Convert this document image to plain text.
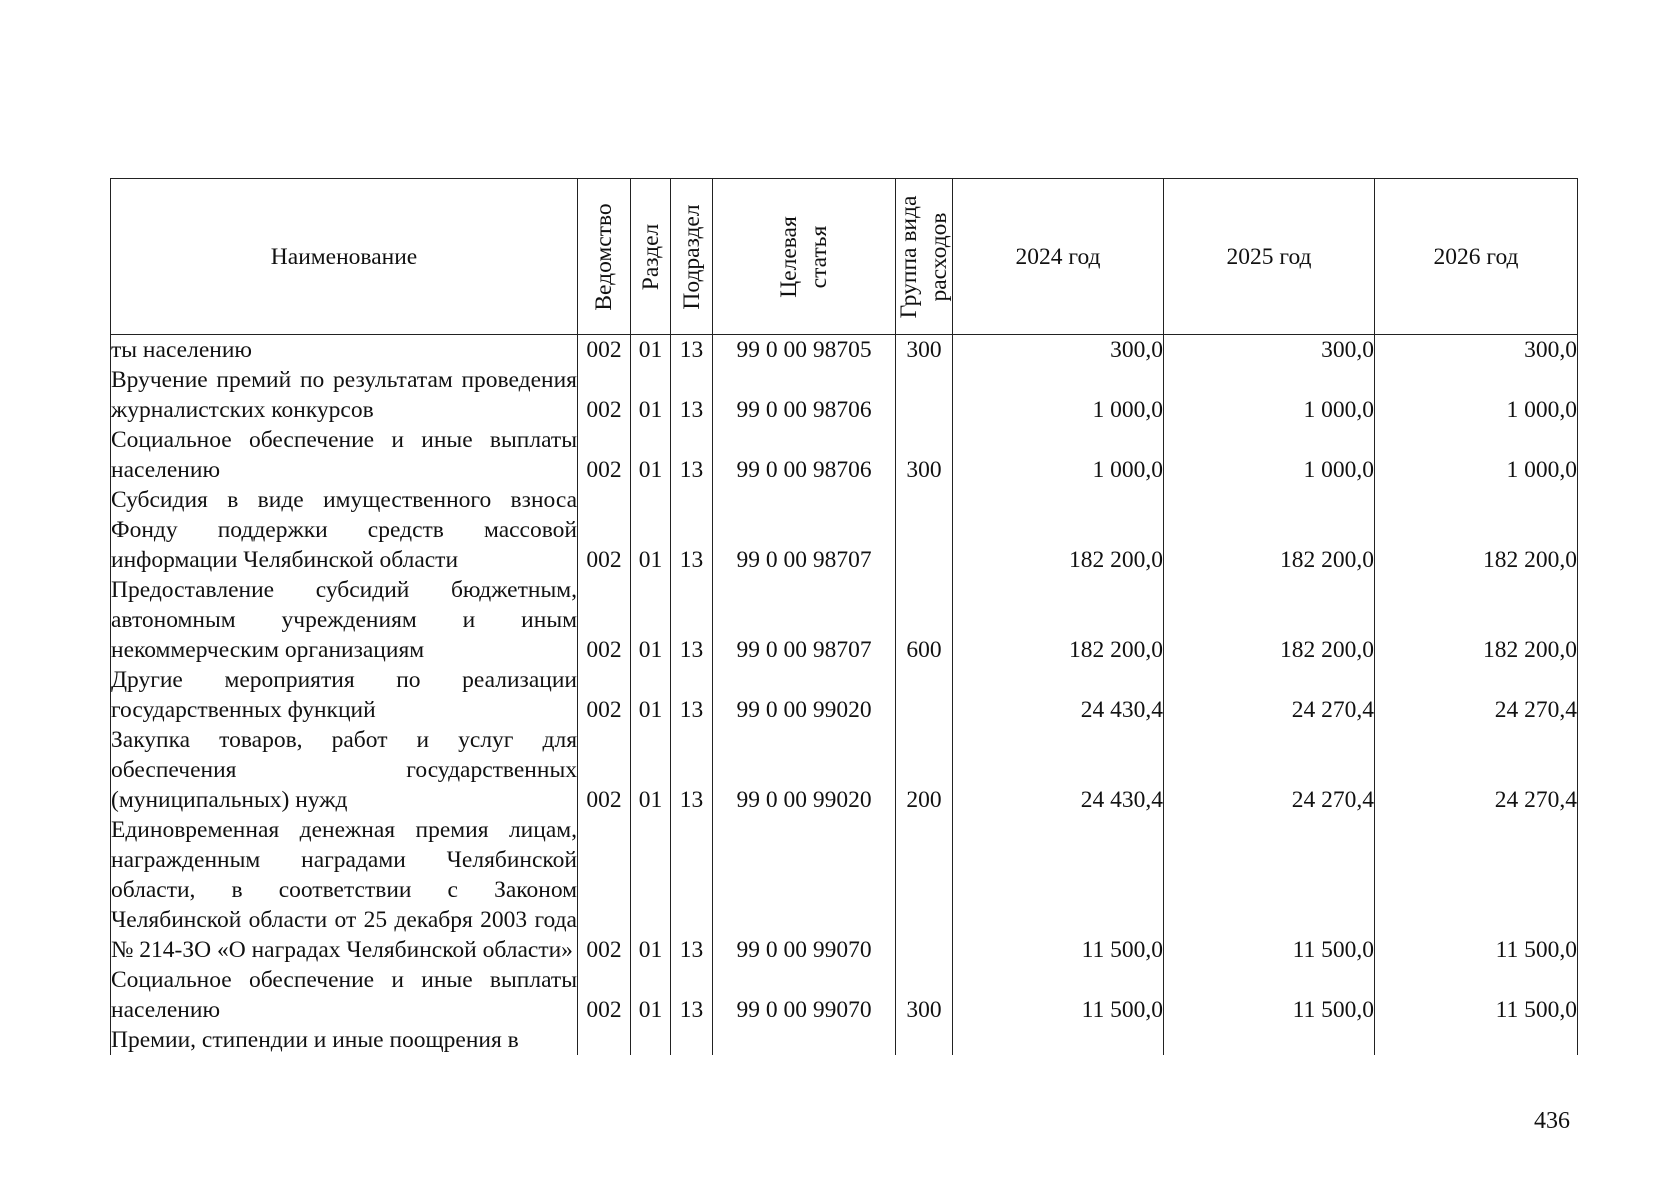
Наименование	Ведомство	Раздел	Подраздел	Целевая статья	Группа вида расходов	2024 год	2025 год	2026 год
ты населению	002	01	13	99 0 00 98705	300	300,0	300,0	300,0
Вручение премий по результатам проведения журналистских конкурсов	002	01	13	99 0 00 98706		1 000,0	1 000,0	1 000,0
Социальное обеспечение и иные выплаты населению	002	01	13	99 0 00 98706	300	1 000,0	1 000,0	1 000,0
Субсидия в виде имущественного взноса Фонду поддержки средств массовой информации Челябинской области	002	01	13	99 0 00 98707		182 200,0	182 200,0	182 200,0
Предоставление субсидий бюджетным, автономным учреждениям и иным некоммерческим организациям	002	01	13	99 0 00 98707	600	182 200,0	182 200,0	182 200,0
Другие мероприятия по реализации государственных функций	002	01	13	99 0 00 99020		24 430,4	24 270,4	24 270,4
Закупка товаров, работ и услуг для обеспечения государственных (муниципальных) нужд	002	01	13	99 0 00 99020	200	24 430,4	24 270,4	24 270,4
Единовременная денежная премия лицам, награжденным наградами Челябинской области, в соответствии с Законом Челябинской области от 25 декабря 2003 года № 214-ЗО «О наградах Челябинской области»	002	01	13	99 0 00 99070		11 500,0	11 500,0	11 500,0
Социальное обеспечение и иные выплаты населению	002	01	13	99 0 00 99070	300	11 500,0	11 500,0	11 500,0
Премии, стипендии и иные поощрения в								
436
